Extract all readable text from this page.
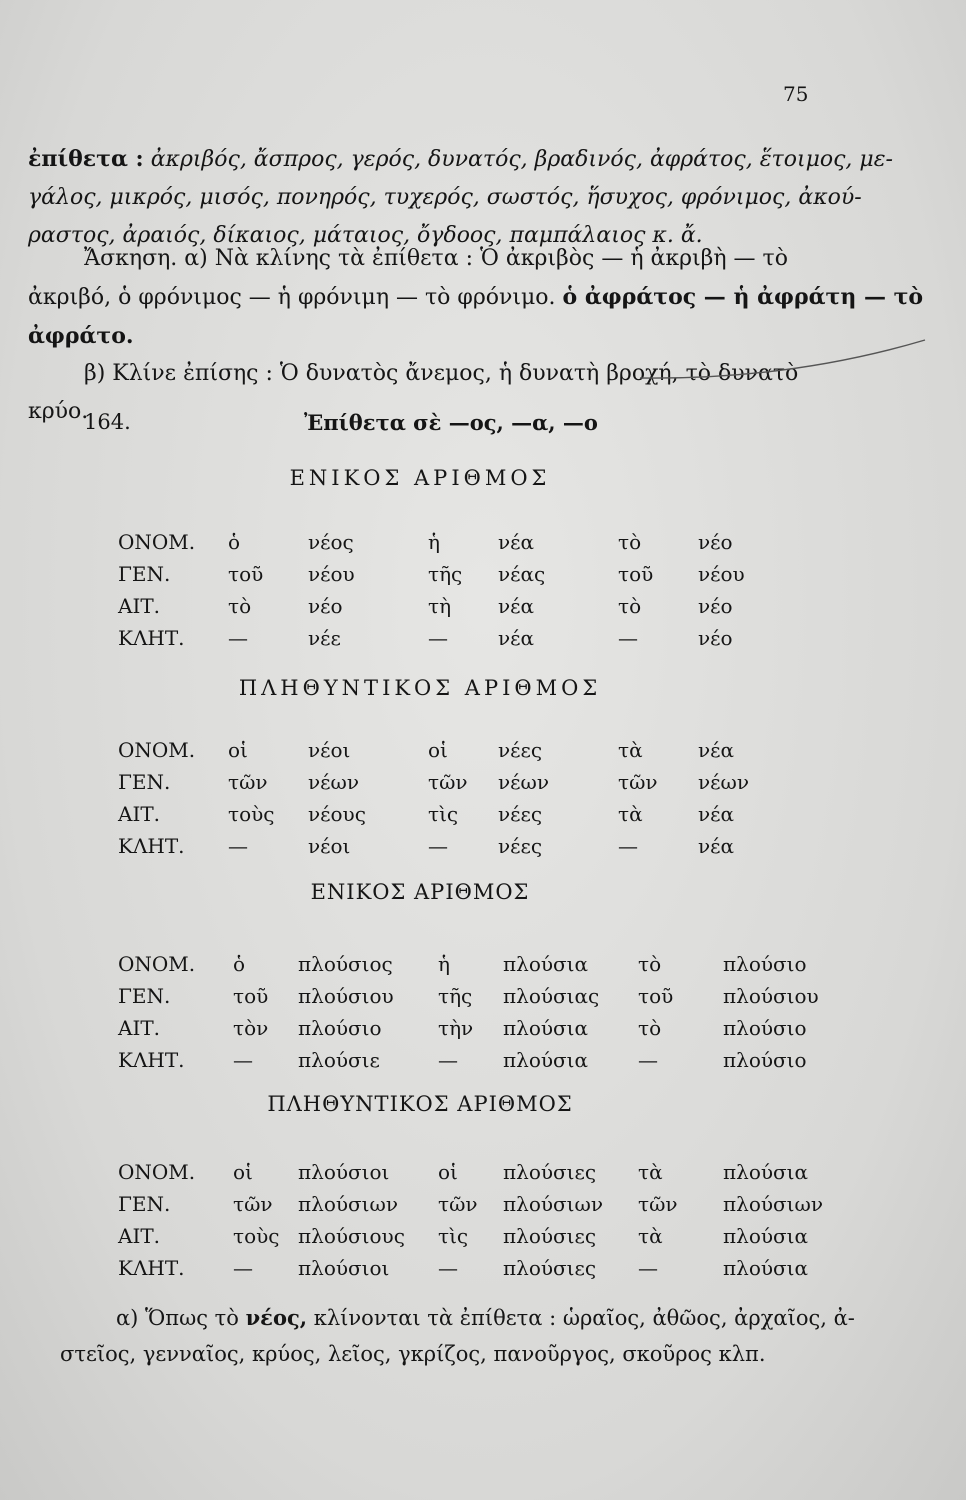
75

ἐπίθετα : ἀκριβός, ἄσπρος, γερός, δυνατός, βραδινός, ἀφράτος, ἕτοιμος, με-

γάλος, μικρός, μισός, πονηρός, τυχερός, σωστός, ἥσυχος, φρόνιμος, ἀκού-

ραστος, ἀραιός, δίκαιος, μάταιος, ὄγδοος, παμπάλαιος κ. ἄ.

Ἄσκηση. α) Νὰ κλίνης τὰ ἐπίθετα : Ὁ ἀκριβὸς — ἡ ἀκριβὴ — τὸ

ἀκριβό, ὁ φρόνιμος — ἡ φρόνιμη — τὸ φρόνιμο. ὁ ἀφράτος — ἡ ἀφράτη — τὸ

ἀφράτο.

β) Κλίνε ἐπίσης : Ὁ δυνατὸς ἄνεμος, ἡ δυνατὴ βροχή, τὸ δυνατὸ

κρύο.

164.	Ἐπίθετα σὲ —ος, —α, —ο
ΕΝΙΚΟΣ ΑΡΙΘΜΟΣ
ΟΝΟΜ. ὁ	νέος	ἡ	νέα	τὸ	νέο
ΓΕΝ.	τοῦ νέου	τῆς νέας	τοῦ νέου
ΑΙΤ.	τὸ	νέο	τὴ νέα	τὸ	νέο
ΚΛΗΤ. —	νέε	—	νέα	—	νέο
ΠΛΗΘΥΝΤΙΚΟΣ ΑΡΙΘΜΟΣ
ΟΝΟΜ. οἱ	νέοι	οἱ	νέες	τὰ	νέα
ΓΕΝ.	τῶν νέων	τῶν νέων	τῶν νέων
ΑΙΤ.	τοὺς νέους	τὶς νέες	τὰ	νέα
ΚΛΗΤ. —	νέοι	—	νέες	—	νέα
ΕΝΙΚΟΣ ΑΡΙΘΜΟΣ
ΟΝΟΜ. ὁ	πλούσιος ἡ	πλούσια τὸ	πλούσιο
ΓΕΝ.	τοῦ πλούσιου τῆς πλούσιας τοῦ πλούσιου
ΑΙΤ.	τὸν πλούσιο	τὴν πλούσια τὸ	πλούσιο
ΚΛΗΤ. — πλούσιε	— πλούσια —	πλούσιο
ΠΛΗΘΥΝΤΙΚΟΣ ΑΡΙΘΜΟΣ
ΟΝΟΜ. οἱ πλούσιοι οἱ πλούσιες τὰ	πλούσια
ΓΕΝ.	τῶν πλούσιων τῶν πλούσιων τῶν πλούσιων
ΑΙΤ.	τοὺς πλούσιους τὶς πλούσιες τὰ	πλούσια
ΚΛΗΤ. — πλούσιοι — πλούσιες —	πλούσια

α) Ὅπως τὸ νέος, κλίνονται τὰ ἐπίθετα : ὡραῖος, ἀθῶος, ἀρχαῖος, ἀ-

στεῖος, γενναῖος, κρύος, λεῖος, γκρίζος, πανοῦργος, σκοῦρος κλπ.
